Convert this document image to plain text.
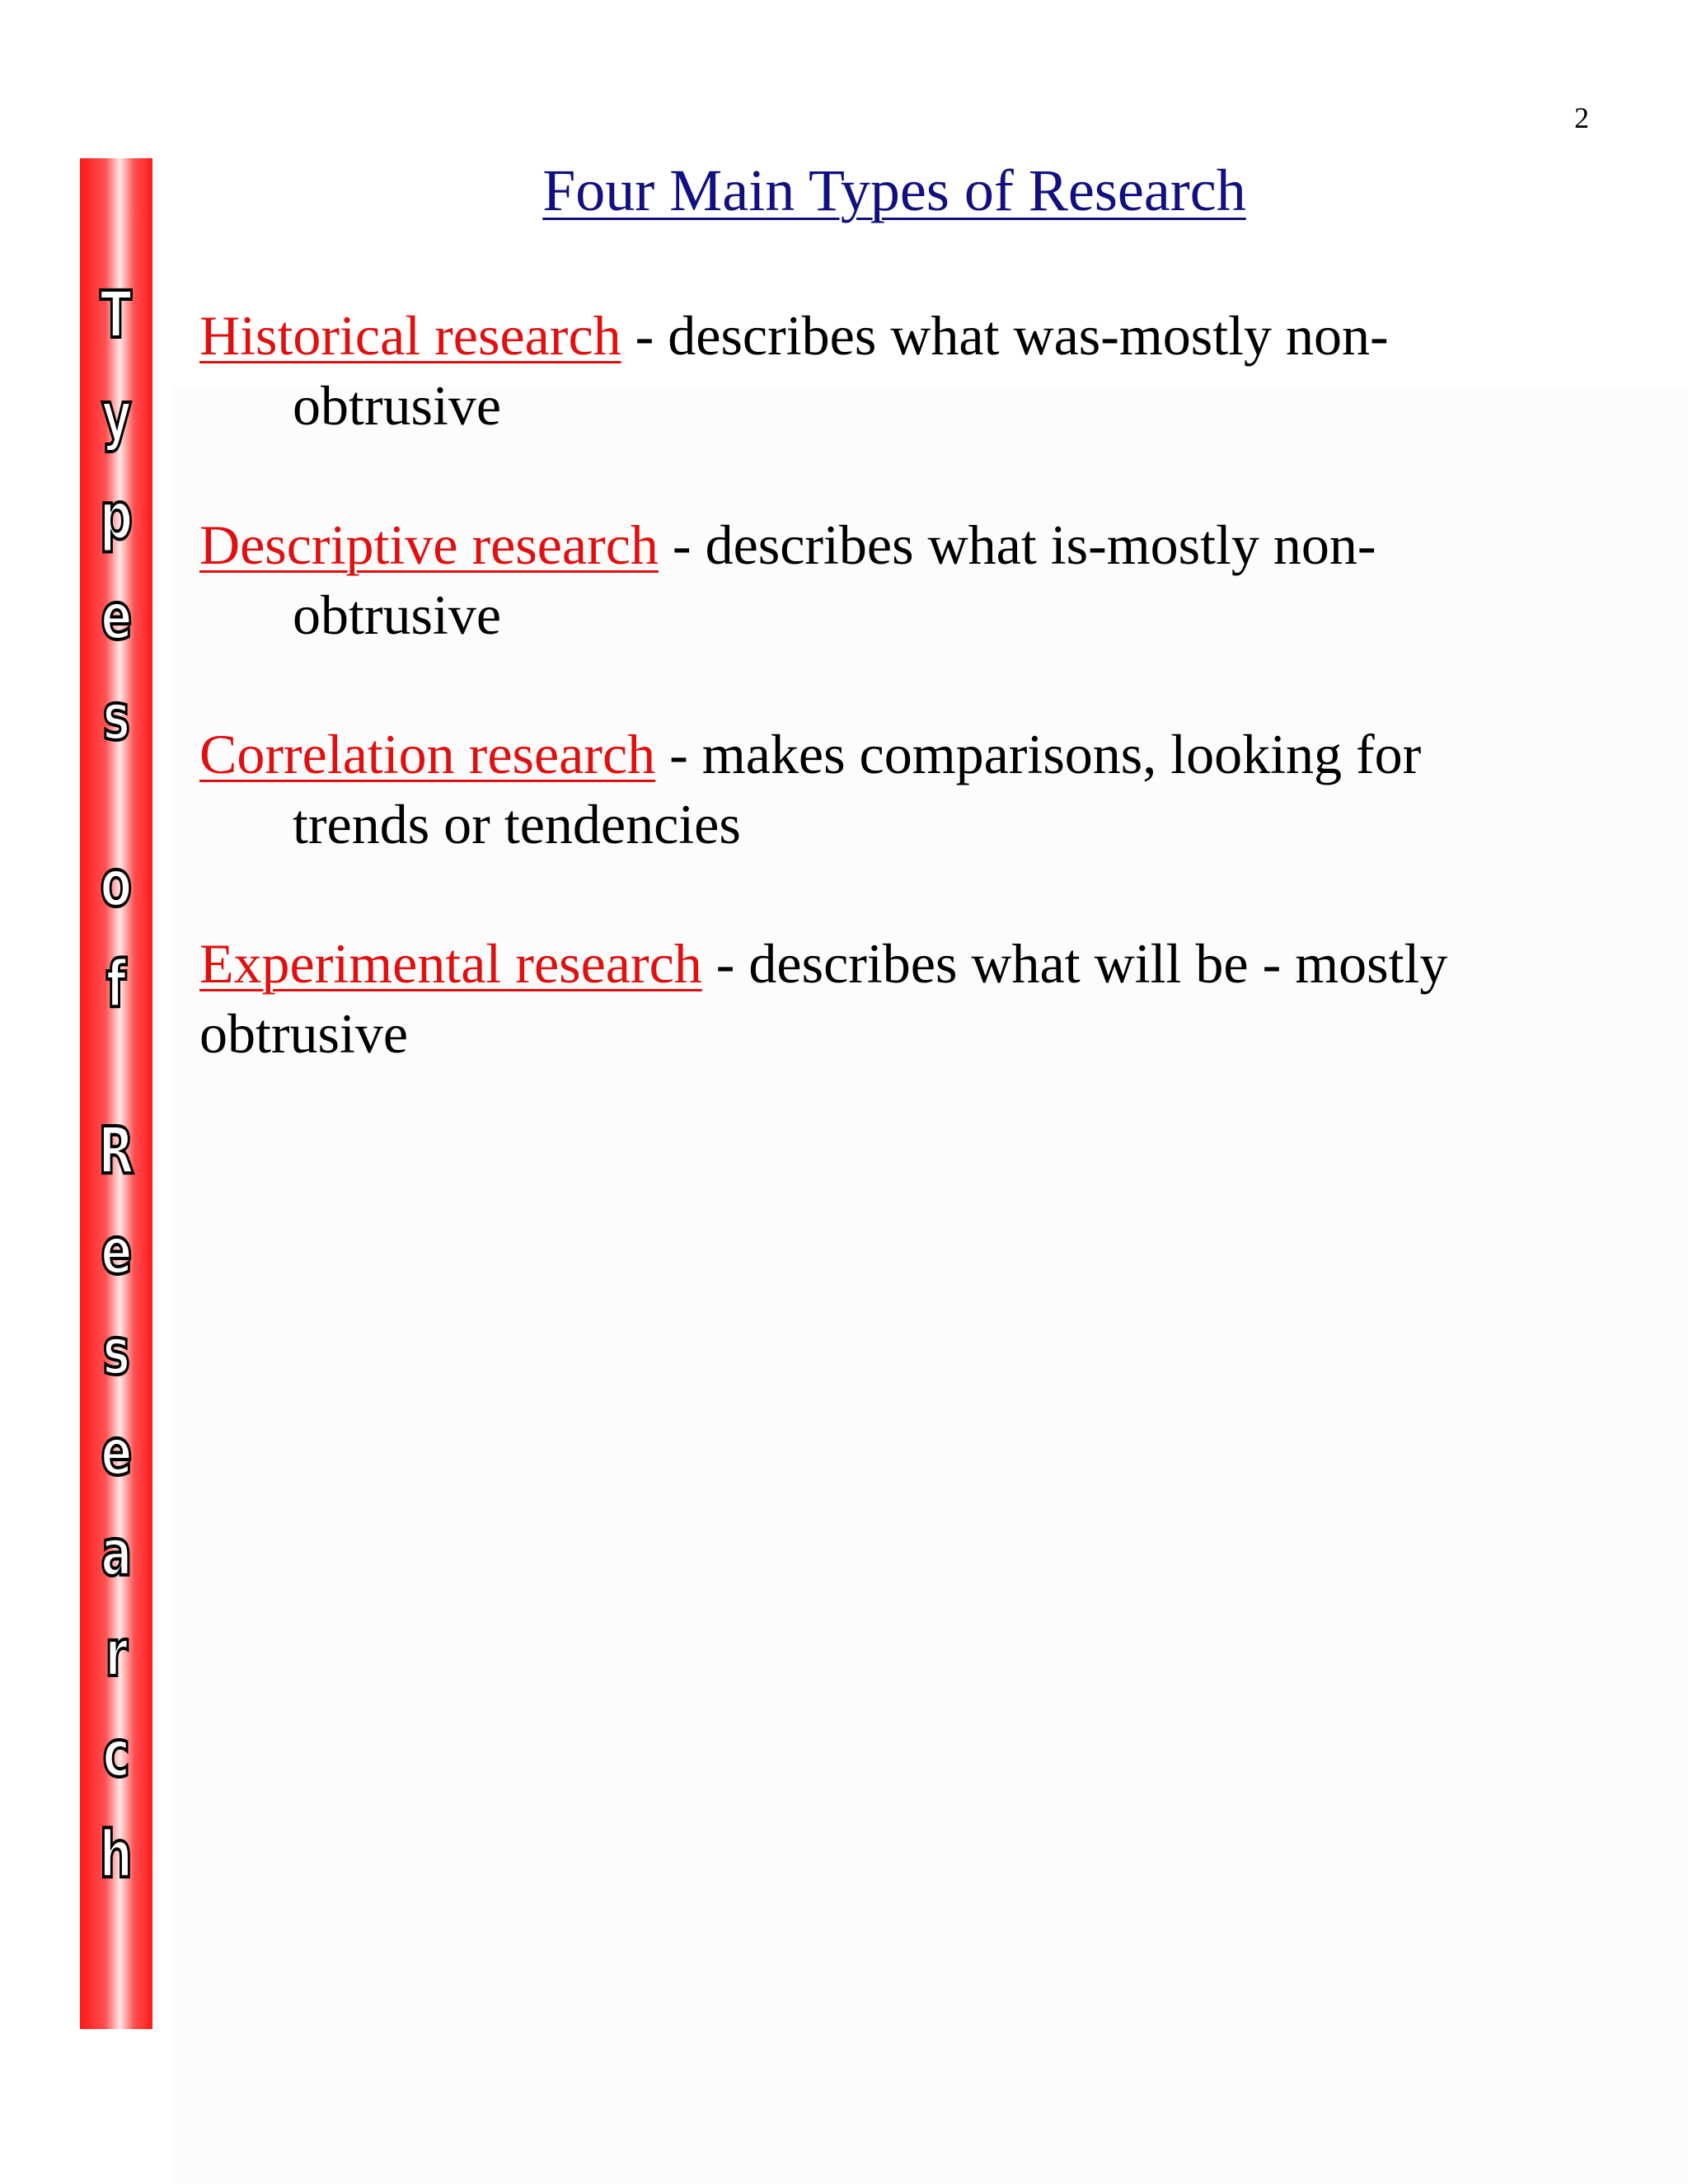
2
T
y
p
e
s
o
f
R
e
s
e
a
r
c
h
Four Main Types of Research

Historical research - describes what was-mostly non-
obtrusive

Descriptive research - describes what is-mostly non-
obtrusive

Correlation research - makes comparisons, looking for
trends or tendencies

Experimental research - describes what will be - mostly
obtrusive
